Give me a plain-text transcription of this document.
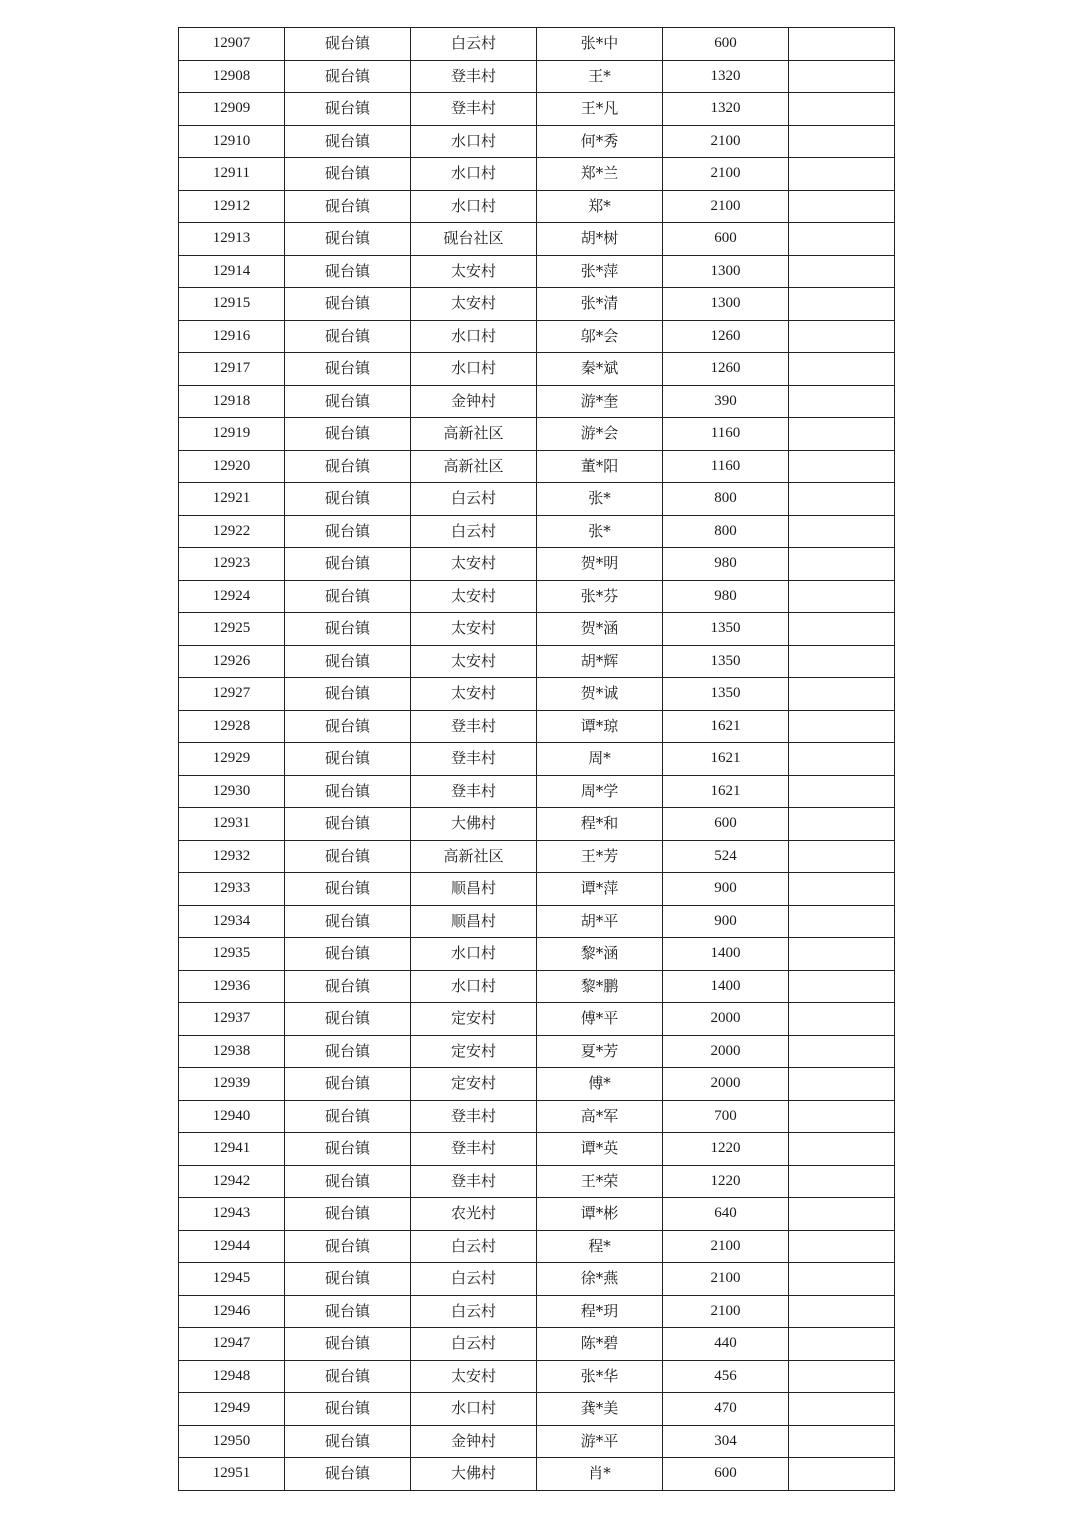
12907	砚台镇	白云村	张*中	600	
12908	砚台镇	登丰村	王*	1320	
12909	砚台镇	登丰村	王*凡	1320	
12910	砚台镇	水口村	何*秀	2100	
12911	砚台镇	水口村	郑*兰	2100	
12912	砚台镇	水口村	郑*	2100	
12913	砚台镇	砚台社区	胡*树	600	
12914	砚台镇	太安村	张*萍	1300	
12915	砚台镇	太安村	张*清	1300	
12916	砚台镇	水口村	邬*会	1260	
12917	砚台镇	水口村	秦*斌	1260	
12918	砚台镇	金钟村	游*奎	390	
12919	砚台镇	高新社区	游*会	1160	
12920	砚台镇	高新社区	董*阳	1160	
12921	砚台镇	白云村	张*	800	
12922	砚台镇	白云村	张*	800	
12923	砚台镇	太安村	贺*明	980	
12924	砚台镇	太安村	张*芬	980	
12925	砚台镇	太安村	贺*涵	1350	
12926	砚台镇	太安村	胡*辉	1350	
12927	砚台镇	太安村	贺*诚	1350	
12928	砚台镇	登丰村	谭*琼	1621	
12929	砚台镇	登丰村	周*	1621	
12930	砚台镇	登丰村	周*学	1621	
12931	砚台镇	大佛村	程*和	600	
12932	砚台镇	高新社区	王*芳	524	
12933	砚台镇	顺昌村	谭*萍	900	
12934	砚台镇	顺昌村	胡*平	900	
12935	砚台镇	水口村	黎*涵	1400	
12936	砚台镇	水口村	黎*鹏	1400	
12937	砚台镇	定安村	傅*平	2000	
12938	砚台镇	定安村	夏*芳	2000	
12939	砚台镇	定安村	傅*	2000	
12940	砚台镇	登丰村	高*军	700	
12941	砚台镇	登丰村	谭*英	1220	
12942	砚台镇	登丰村	王*荣	1220	
12943	砚台镇	农光村	谭*彬	640	
12944	砚台镇	白云村	程*	2100	
12945	砚台镇	白云村	徐*燕	2100	
12946	砚台镇	白云村	程*玥	2100	
12947	砚台镇	白云村	陈*碧	440	
12948	砚台镇	太安村	张*华	456	
12949	砚台镇	水口村	龚*美	470	
12950	砚台镇	金钟村	游*平	304	
12951	砚台镇	大佛村	肖*	600	
